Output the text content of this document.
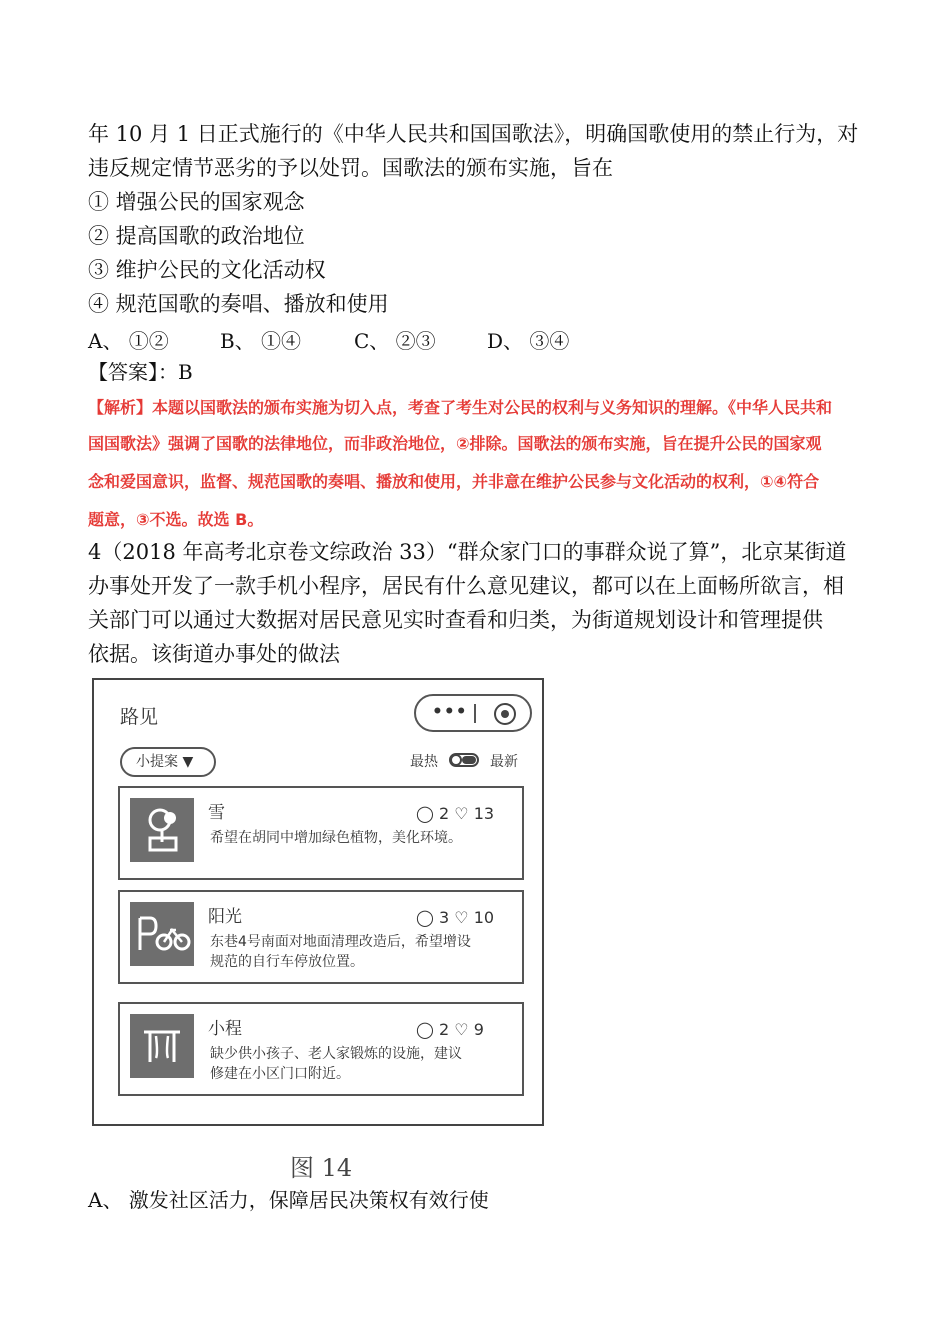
年 10 月 1 日正式施行的《中华人民共和国国歌法》，明确国歌使用的禁止行为，对
违反规定情节恶劣的予以处罚。国歌法的颁布实施，旨在
① 增强公民的国家观念
② 提高国歌的政治地位
③ 维护公民的文化活动权
④ 规范国歌的奏唱、播放和使用
A、 ①②	B、 ①④	C、 ②③	D、 ③④
【答案】：B
【解析】本题以国歌法的颁布实施为切入点，考查了考生对公民的权利与义务知识的理解。《中华人民共和
国国歌法》强调了国歌的法律地位，而非政治地位，②排除。国歌法的颁布实施，旨在提升公民的国家观
念和爱国意识，监督、规范国歌的奏唱、播放和使用，并非意在维护公民参与文化活动的权利，①④符合
题意，③不选。故选 B。
4（2018 年高考北京卷文综政治 33）“群众家门口的事群众说了算”，北京某街道
办事处开发了一款手机小程序，居民有什么意见建议，都可以在上面畅所欲言，相
关部门可以通过大数据对居民意见实时查看和归类，为街道规划设计和管理提供
依据。该街道办事处的做法
路见	•••
小提案 ▼	最热	最新
雪	◯ 2 ♡ 13
希望在胡同中增加绿色植物，美化环境。
阳光	◯ 3 ♡ 10
东巷4号南面对地面清理改造后，希望增设
规范的自行车停放位置。
小程	◯ 2 ♡ 9
缺少供小孩子、老人家锻炼的设施，建议
修建在小区门口附近。
图 14
A、 激发社区活力，保障居民决策权有效行使
